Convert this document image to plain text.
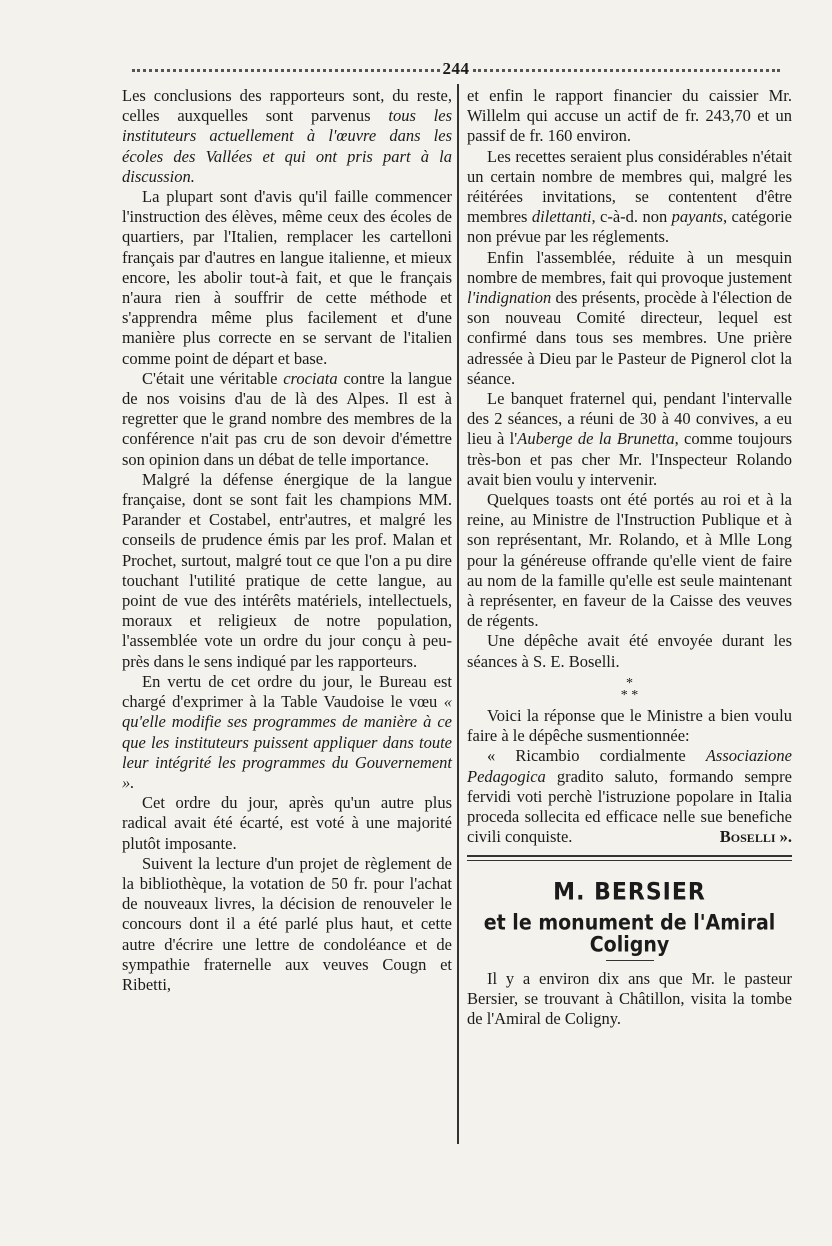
244

Les conclusions des rapporteurs sont, du reste, celles auxquelles sont parvenus tous les instituteurs actuellement à l'œuvre dans les écoles des Vallées et qui ont pris part à la discussion.

La plupart sont d'avis qu'il faille commencer l'instruction des élèves, même ceux des écoles de quartiers, par l'Italien, remplacer les cartelloni français par d'autres en langue italienne, et mieux encore, les abolir tout-à fait, et que le français n'aura rien à souffrir de cette méthode et s'apprendra même plus facilement et d'une manière plus correcte en se servant de l'italien comme point de départ et base.

C'était une véritable crociata contre la langue de nos voisins d'au de là des Alpes. Il est à regretter que le grand nombre des membres de la conférence n'ait pas cru de son devoir d'émettre son opinion dans un débat de telle importance.

Malgré la défense énergique de la langue française, dont se sont fait les champions MM. Parander et Costabel, entr'autres, et malgré les conseils de prudence émis par les prof. Malan et Prochet, surtout, malgré tout ce que l'on a pu dire touchant l'utilité pratique de cette langue, au point de vue des intérêts matériels, intellectuels, moraux et religieux de notre population, l'assemblée vote un ordre du jour conçu à peu-près dans le sens indiqué par les rapporteurs.

En vertu de cet ordre du jour, le Bureau est chargé d'exprimer à la Table Vaudoise le vœu « qu'elle modifie ses programmes de manière à ce que les instituteurs puissent appliquer dans toute leur intégrité les programmes du Gouvernement ».

Cet ordre du jour, après qu'un autre plus radical avait été écarté, est voté à une majorité plutôt imposante.

Suivent la lecture d'un projet de règlement de la bibliothèque, la votation de 50 fr. pour l'achat de nouveaux livres, la décision de renouveler le concours dont il a été parlé plus haut, et cette autre d'écrire une lettre de condoléance et de sympathie fraternelle aux veuves Cougn et Ribetti,

et enfin le rapport financier du caissier Mr. Willelm qui accuse un actif de fr. 243,70 et un passif de fr. 160 environ.

Les recettes seraient plus considérables n'était un certain nombre de membres qui, malgré les réitérées invitations, se contentent d'être membres dilettanti, c-à-d. non payants, catégorie non prévue par les réglements.

Enfin l'assemblée, réduite à un mesquin nombre de membres, fait qui provoque justement l'indignation des présents, procède à l'élection de son nouveau Comité directeur, lequel est confirmé dans tous ses membres. Une prière adressée à Dieu par le Pasteur de Pignerol clot la séance.

Le banquet fraternel qui, pendant l'intervalle des 2 séances, a réuni de 30 à 40 convives, a eu lieu à l'Auberge de la Brunetta, comme toujours très-bon et pas cher Mr. l'Inspecteur Rolando avait bien voulu y intervenir.

Quelques toasts ont été portés au roi et à la reine, au Ministre de l'Instruction Publique et à son représentant, Mr. Rolando, et à Mlle Long pour la généreuse offrande qu'elle vient de faire au nom de la famille qu'elle est seule maintenant à représenter, en faveur de la Caisse des veuves de régents.

Une dépêche avait été envoyée durant les séances à S. E. Boselli.

*
* *

Voici la réponse que le Ministre a bien voulu faire à le dépêche susmentionnée:

« Ricambio cordialmente Associazione Pedagogica gradito saluto, formando sempre fervidi voti perchè l'istruzione popolare in Italia proceda sollecita ed efficace nelle sue benefiche civili conquiste.	Boselli ».

M. BERSIER
et le monument de l'Amiral Coligny

Il y a environ dix ans que Mr. le pasteur Bersier, se trouvant à Châtillon, visita la tombe de l'Amiral de Coligny.
